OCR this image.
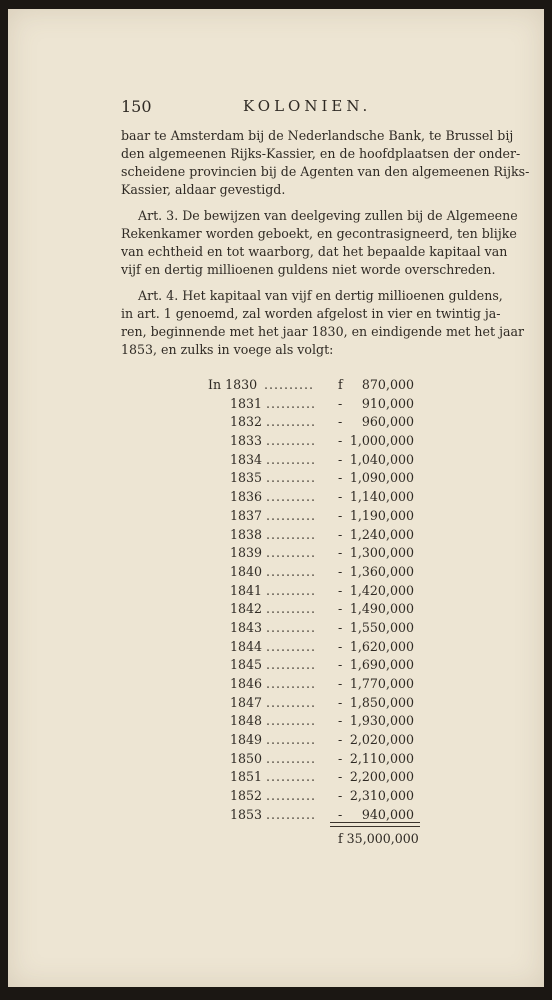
150	KOLONIEN.
baar te Amsterdam bij de Nederlandsche Bank, te Brussel bij
den algemeenen Rijks-Kassier, en de hoofdplaatsen der onder-
scheidene provincien bij de Agenten van den algemeenen Rijks-
Kassier, aldaar gevestigd.
Art. 3. De bewijzen van deelgeving zullen bij de Algemeene
Rekenkamer worden geboekt, en gecontrasigneerd, ten blijke
van echtheid en tot waarborg, dat het bepaalde kapitaal van
vijf en dertig millioenen guldens niet worde overschreden.
Art. 4. Het kapitaal van vijf en dertig millioenen guldens,
in art. 1 genoemd, zal worden afgelost in vier en twintig ja-
ren, beginnende met het jaar 1830, en eindigende met het jaar
1853, en zulks in voege als volgt:
In 1830 ..........	f	870,000
1831 ..........	-	910,000
1832 ..........	-	960,000
1833 ..........	- 1,000,000
1834 ..........	- 1,040,000
1835 ..........	- 1,090,000
1836 ..........	- 1,140,000
1837 ..........	- 1,190,000
1838 ..........	- 1,240,000
1839 ..........	- 1,300,000
1840 ..........	- 1,360,000
1841 ..........	- 1,420,000
1842 ..........	- 1,490,000
1843 ..........	- 1,550,000
1844 ..........	- 1,620,000
1845 ..........	- 1,690,000
1846 ..........	- 1,770,000
1847 ..........	- 1,850,000
1848 ..........	- 1,930,000
1849 ..........	- 2,020,000
1850 ..........	- 2,110,000
1851 ..........	- 2,200,000
1852 ..........	- 2,310,000
1853 ..........	-	940,000
f 35,000,000
